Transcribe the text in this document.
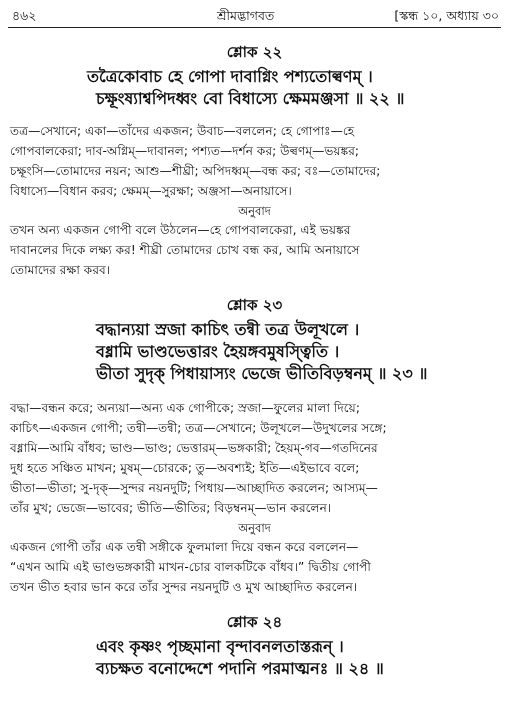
৪৬২	শ্রীমদ্ভাগবত	[স্কন্ধ ১০, অধ্যায় ৩০
শ্লোক ২২
তত্রৈকোবাচ হে গোপা দাবাগ্নিং পশ্যতোল্বণম্ ।
চক্ষূংষ্যাশ্বপিদধ্বং বো বিধাস্যে ক্ষেমমঞ্জসা ॥ ২২ ॥
তত্র—সেখানে; একা—তাঁদের একজন; উবাচ—বললেন; হে গোপাঃ—হে
গোপবালকেরা; দাব-অগ্নিম্—দাবানল; পশ্যত—দর্শন কর; উল্বণম্—ভয়ঙ্কর;
চক্ষূংসি—তোমাদের নয়ন; আশু—শীঘ্রী; অপিদধ্বম্—বন্ধ কর; বঃ—তোমাদের;
বিধাস্যে—বিধান করব; ক্ষেমম্—সুরক্ষা; অঞ্জসা—অনায়াসে।
অনুবাদ
তখন অন্য একজন গোপী বলে উঠলেন—হে গোপবালকেরা, এই ভয়ঙ্কর
দাবানলের দিকে লক্ষ্য কর! শীঘ্রী তোমাদের চোখ বন্ধ কর, আমি অনায়াসে
তোমাদের রক্ষা করব।
শ্লোক ২৩
বদ্ধান্যয়া স্রজা কাচিৎ তন্বী তত্র উলূখলে ।
বধ্নামি ভাণ্ডভেত্তারং হৈয়ঙ্গবমুষস্ত্বিতি ।
ভীতা সুদৃক্ পিধায়াস্যং ভেজে ভীতিবিড়ম্বনম্ ॥ ২৩ ॥
বদ্ধা—বন্ধন করে; অন্যয়া—অন্য এক গোপীকে; স্রজা—ফুলের মালা দিয়ে;
কাচিৎ—একজন গোপী; তন্বী—তন্বী; তত্র—সেখানে; উলূখলে—উদুখলের সঙ্গে;
বধ্নামি—আমি বাঁধব; ভাণ্ড—ভাণ্ড; ভেত্তারম্—ভঙ্গকারী; হৈয়ম্-গব—গতদিনের
দুধ হতে সঞ্চিত মাখন; মুষম্—চোরকে; তু—অবশ্যই; ইতি—এইভাবে বলে;
ভীতা—ভীতা; সু-দৃক্—সুন্দর নয়নদুটি; পিধায়—আচ্ছাদিত করলেন; আস্যম্—
তাঁর মুখ; ভেজে—ভাবের; ভীতি—ভীতির; বিড়ম্বনম্—ভান করলেন।
অনুবাদ
একজন গোপী তাঁর এক তন্বী সঙ্গীকে ফুলমালা দিয়ে বন্ধন করে বললেন—
“এখন আমি এই ভাণ্ডভঙ্গকারী মাখন-চোর বালকটিকে বাঁধব।” দ্বিতীয় গোপী
তখন ভীত হবার ভান করে তাঁর সুন্দর নয়নদুটি ও মুখ আচ্ছাদিত করলেন।
শ্লোক ২৪
এবং কৃষ্ণং পৃচ্ছমানা বৃন্দাবনলতাস্তরূন্ ।
ব্যচক্ষত বনোদ্দেশে পদানি পরমাত্মনঃ ॥ ২৪ ॥
